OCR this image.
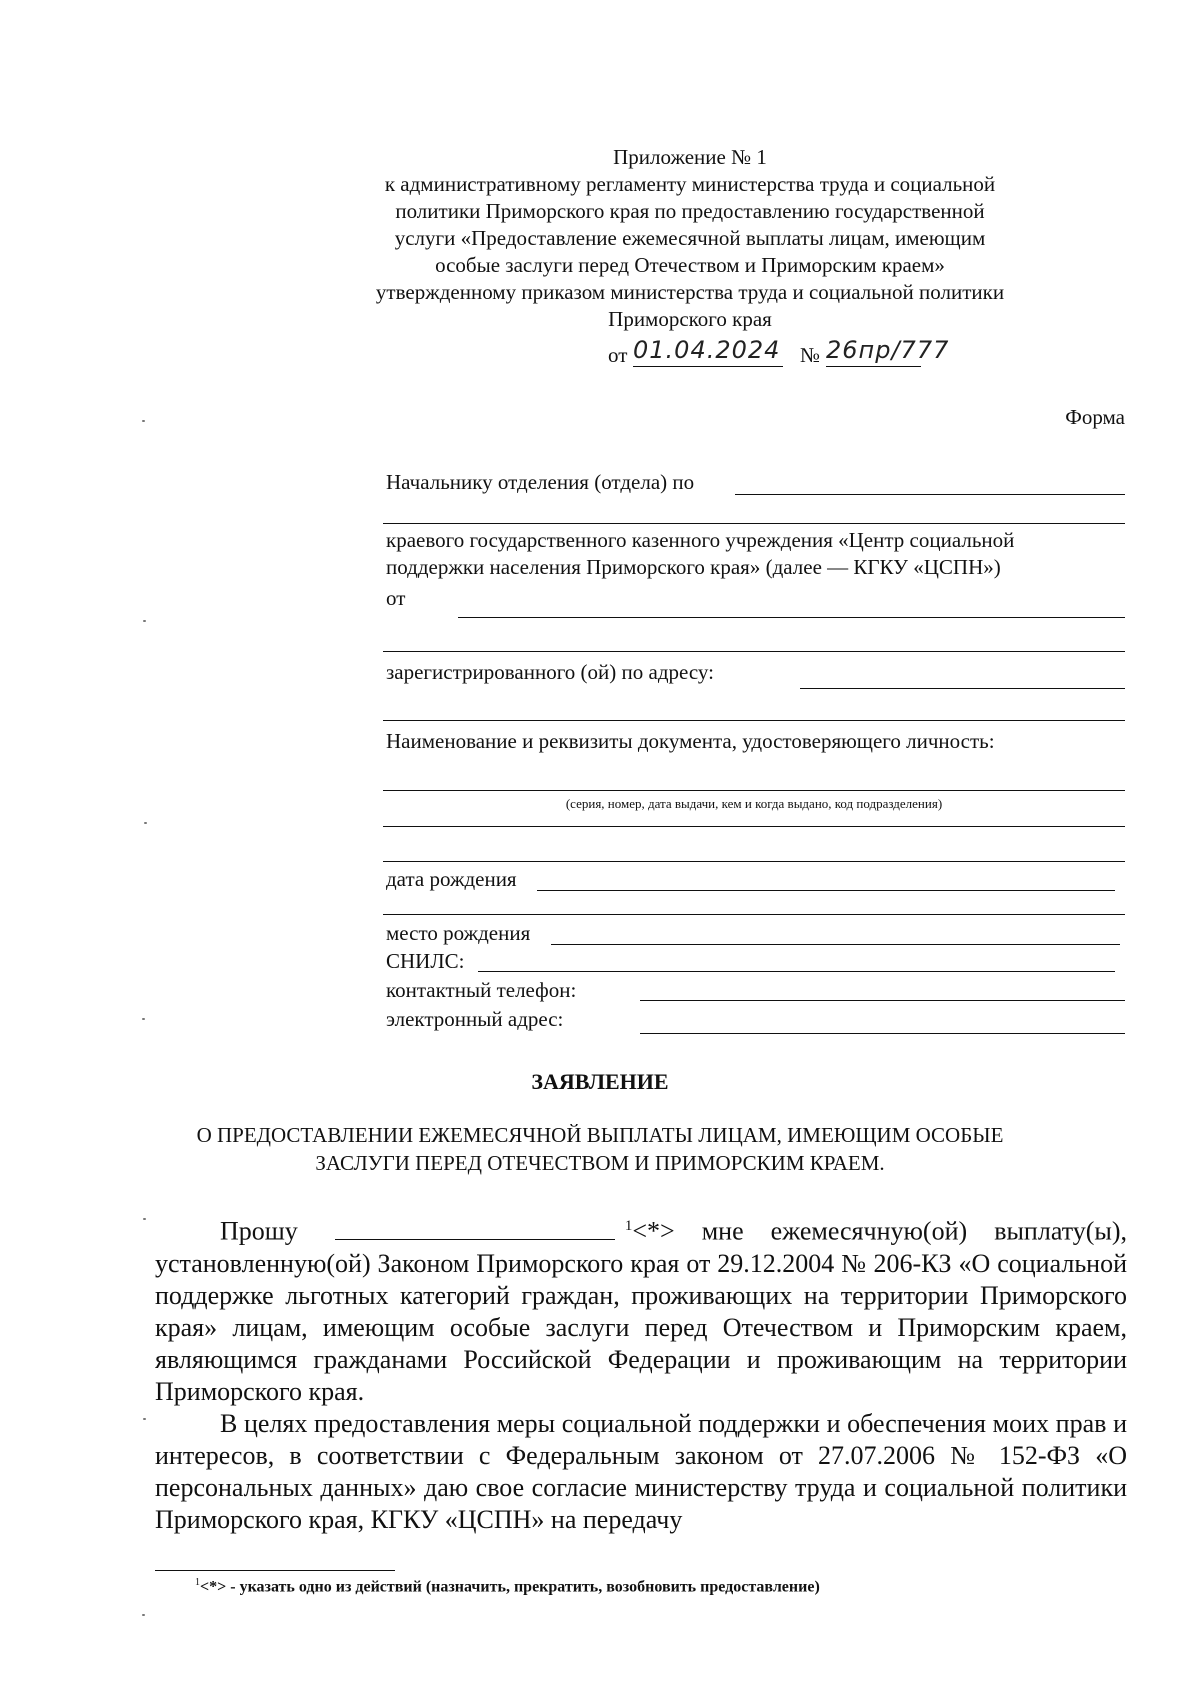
Приложение № 1
к административному регламенту министерства труда и социальной
политики Приморского края по предоставлению государственной
услуги «Предоставление ежемесячной выплаты лицам, имеющим
особые заслуги перед Отечеством и Приморским краем»
утвержденному приказом министерства труда и социальной политики
Приморского края
от 01.04.2024 № 26пр/777
Форма
Начальнику отделения (отдела) по
краевого государственного казенного учреждения «Центр социальной
поддержки населения Приморского края» (далее — КГКУ «ЦСПН»)
от
зарегистрированного (ой) по адресу:
Наименование и реквизиты документа, удостоверяющего личность:
(серия, номер, дата выдачи, кем и когда выдано, код подразделения)
дата рождения
место рождения
СНИЛС:
контактный телефон:
электронный адрес:
ЗАЯВЛЕНИЕ
О ПРЕДОСТАВЛЕНИИ ЕЖЕМЕСЯЧНОЙ ВЫПЛАТЫ ЛИЦАМ, ИМЕЮЩИМ ОСОБЫЕ
ЗАСЛУГИ ПЕРЕД ОТЕЧЕСТВОМ И ПРИМОРСКИМ КРАЕМ.

Прошу	$^1$<*> мне ежемесячную(ой) выплату(ы), установленную(ой) Законом Приморского края от 29.12.2004 № 206-КЗ «О социальной поддержке льготных категорий граждан, проживающих на территории Приморского края» лицам, имеющим особые заслуги перед Отечеством и Приморским краем, являющимся гражданами Российской Федерации и проживающим на территории Приморского края.

В целях предоставления меры социальной поддержки и обеспечения моих прав и интересов, в соответствии с Федеральным законом от 27.07.2006 № 152-ФЗ «О персональных данных» даю свое согласие министерству труда и социальной политики Приморского края, КГКУ «ЦСПН» на передачу

$^1$<*> - указать одно из действий (назначить, прекратить, возобновить предоставление)
